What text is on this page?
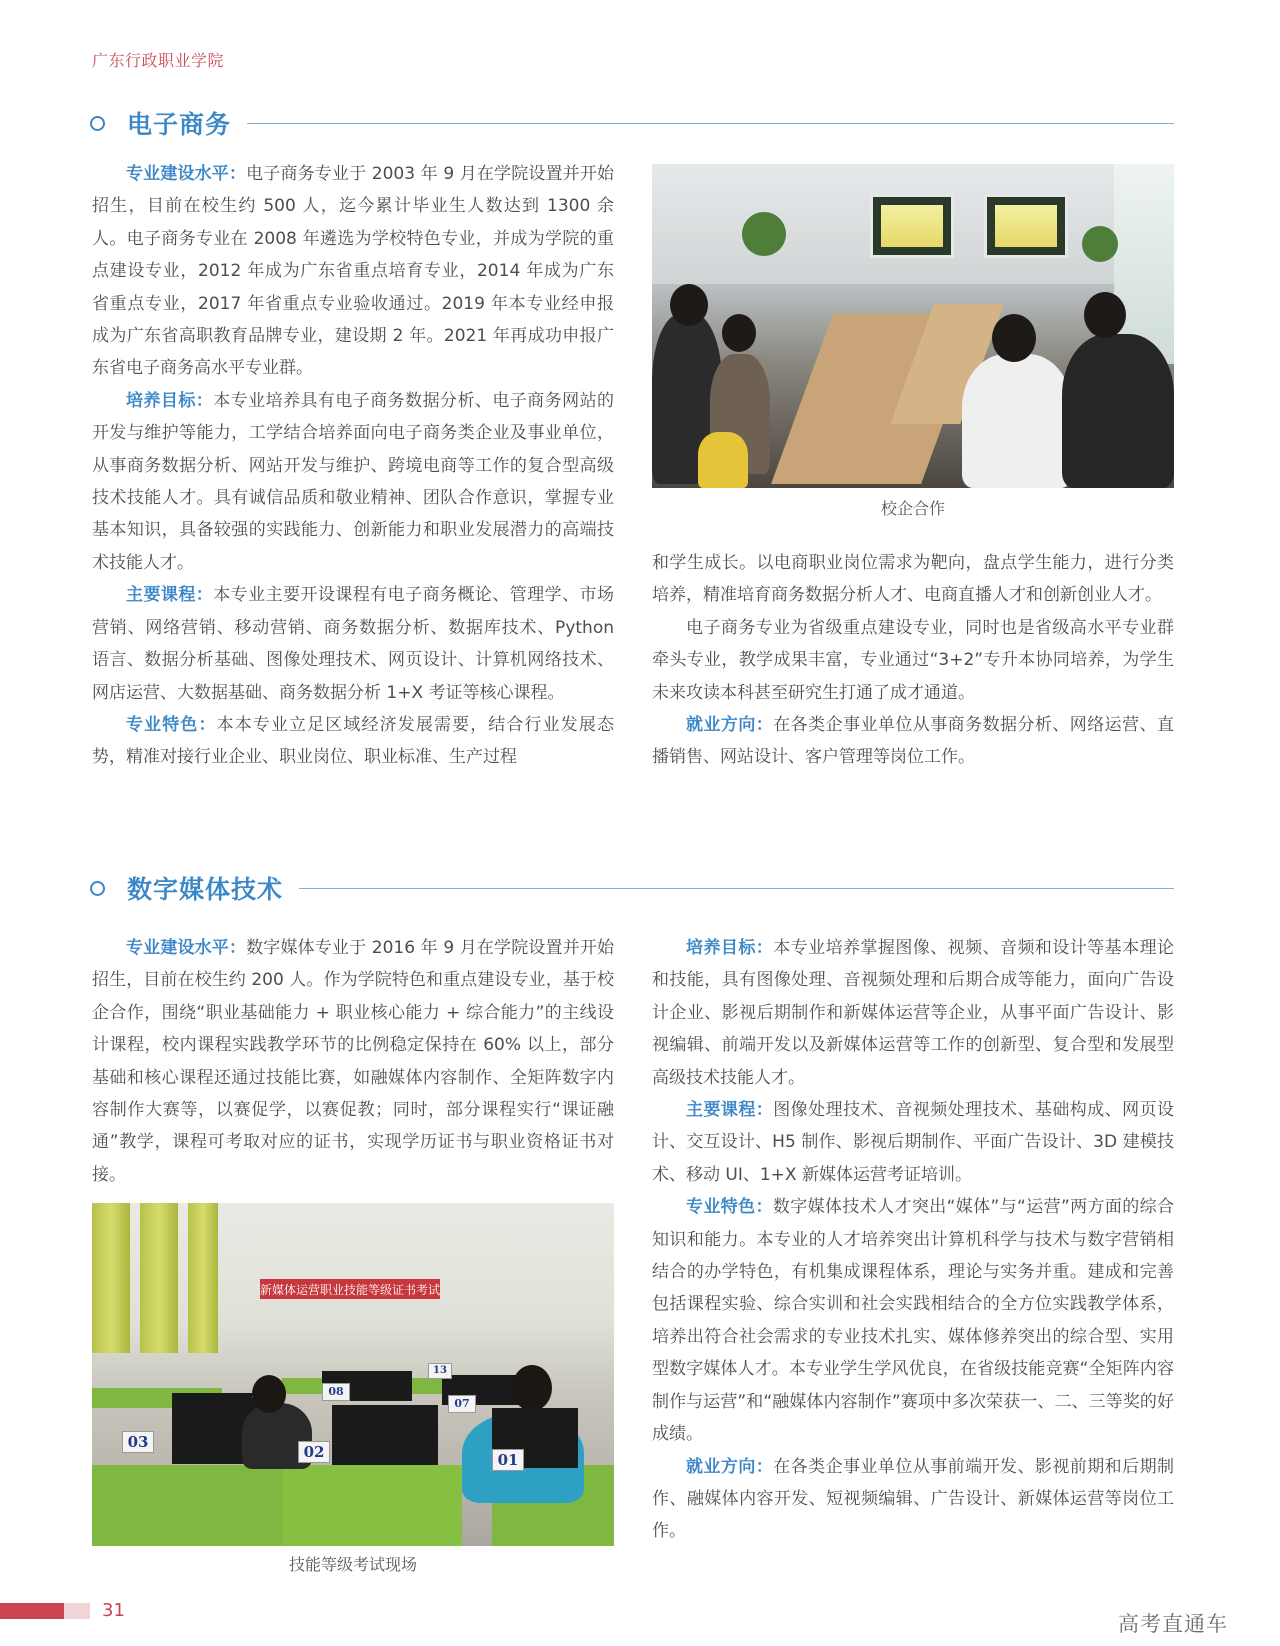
广东行政职业学院
电子商务

专业建设水平：电子商务专业于 2003 年 9 月在学院设置并开始招生，目前在校生约 500 人，迄今累计毕业生人数达到 1300 余人。电子商务专业在 2008 年遴选为学校特色专业，并成为学院的重点建设专业，2012 年成为广东省重点培育专业，2014 年成为广东省重点专业，2017 年省重点专业验收通过。2019 年本专业经申报成为广东省高职教育品牌专业，建设期 2 年。2021 年再成功申报广东省电子商务高水平专业群。

培养目标：本专业培养具有电子商务数据分析、电子商务网站的开发与维护等能力，工学结合培养面向电子商务类企业及事业单位，从事商务数据分析、网站开发与维护、跨境电商等工作的复合型高级技术技能人才。具有诚信品质和敬业精神、团队合作意识，掌握专业基本知识，具备较强的实践能力、创新能力和职业发展潜力的高端技术技能人才。

主要课程：本专业主要开设课程有电子商务概论、管理学、市场营销、网络营销、移动营销、商务数据分析、数据库技术、Python 语言、数据分析基础、图像处理技术、网页设计、计算机网络技术、网店运营、大数据基础、商务数据分析 1+X 考证等核心课程。

专业特色：本本专业立足区域经济发展需要，结合行业发展态势，精准对接行业企业、职业岗位、职业标准、生产过程

校企合作

和学生成长。以电商职业岗位需求为靶向，盘点学生能力，进行分类培养，精准培育商务数据分析人才、电商直播人才和创新创业人才。

电子商务专业为省级重点建设专业，同时也是省级高水平专业群牵头专业，教学成果丰富，专业通过“3+2”专升本协同培养，为学生未来攻读本科甚至研究生打通了成才通道。

就业方向：在各类企事业单位从事商务数据分析、网络运营、直播销售、网站设计、客户管理等岗位工作。

数字媒体技术

专业建设水平：数字媒体专业于 2016 年 9 月在学院设置并开始招生，目前在校生约 200 人。作为学院特色和重点建设专业，基于校企合作，围绕“职业基础能力 + 职业核心能力 + 综合能力”的主线设计课程，校内课程实践教学环节的比例稳定保持在 60% 以上，部分基础和核心课程还通过技能比赛，如融媒体内容制作、全矩阵数字内容制作大赛等，以赛促学，以赛促教；同时，部分课程实行“课证融通”教学，课程可考取对应的证书，实现学历证书与职业资格证书对接。

新媒体运营职业技能等级证书考试
03
02	01
08
07
13
技能等级考试现场

培养目标：本专业培养掌握图像、视频、音频和设计等基本理论和技能，具有图像处理、音视频处理和后期合成等能力，面向广告设计企业、影视后期制作和新媒体运营等企业，从事平面广告设计、影视编辑、前端开发以及新媒体运营等工作的创新型、复合型和发展型高级技术技能人才。

主要课程：图像处理技术、音视频处理技术、基础构成、网页设计、交互设计、H5 制作、影视后期制作、平面广告设计、3D 建模技术、移动 UI、1+X 新媒体运营考证培训。

专业特色：数字媒体技术人才突出“媒体”与“运营”两方面的综合知识和能力。本专业的人才培养突出计算机科学与技术与数字营销相结合的办学特色，有机集成课程体系，理论与实务并重。建成和完善包括课程实验、综合实训和社会实践相结合的全方位实践教学体系，培养出符合社会需求的专业技术扎实、媒体修养突出的综合型、实用型数字媒体人才。本专业学生学风优良，在省级技能竞赛“全矩阵内容制作与运营”和“融媒体内容制作”赛项中多次荣获一、二、三等奖的好成绩。

就业方向：在各类企事业单位从事前端开发、影视前期和后期制作、融媒体内容开发、短视频编辑、广告设计、新媒体运营等岗位工作。

31
高考直通车
